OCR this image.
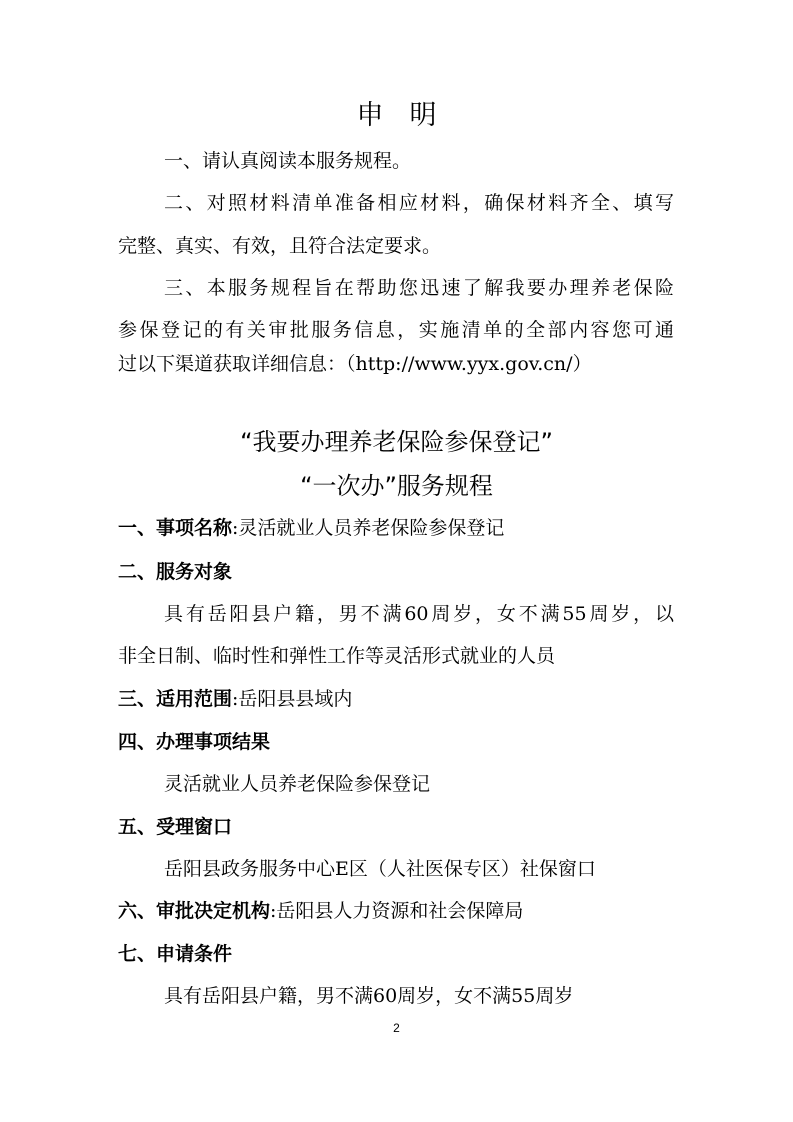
申明
一、请认真阅读本服务规程。
二、对照材料清单准备相应材料，确保材料齐全、填写
完整、真实、有效，且符合法定要求。
三、本服务规程旨在帮助您迅速了解我要办理养老保险
参保登记的有关审批服务信息，实施清单的全部内容您可通
过以下渠道获取详细信息：（http://www.yyx.gov.cn/）
“我要办理养老保险参保登记”
“一次办”服务规程
一、事项名称:灵活就业人员养老保险参保登记
二、服务对象
具有岳阳县户籍，男不满60周岁，女不满55周岁，以
非全日制、临时性和弹性工作等灵活形式就业的人员
三、适用范围:岳阳县县域内
四、办理事项结果
灵活就业人员养老保险参保登记
五、受理窗口
岳阳县政务服务中心E区（人社医保专区）社保窗口
六、审批决定机构:岳阳县人力资源和社会保障局
七、申请条件
具有岳阳县户籍，男不满60周岁，女不满55周岁
2
